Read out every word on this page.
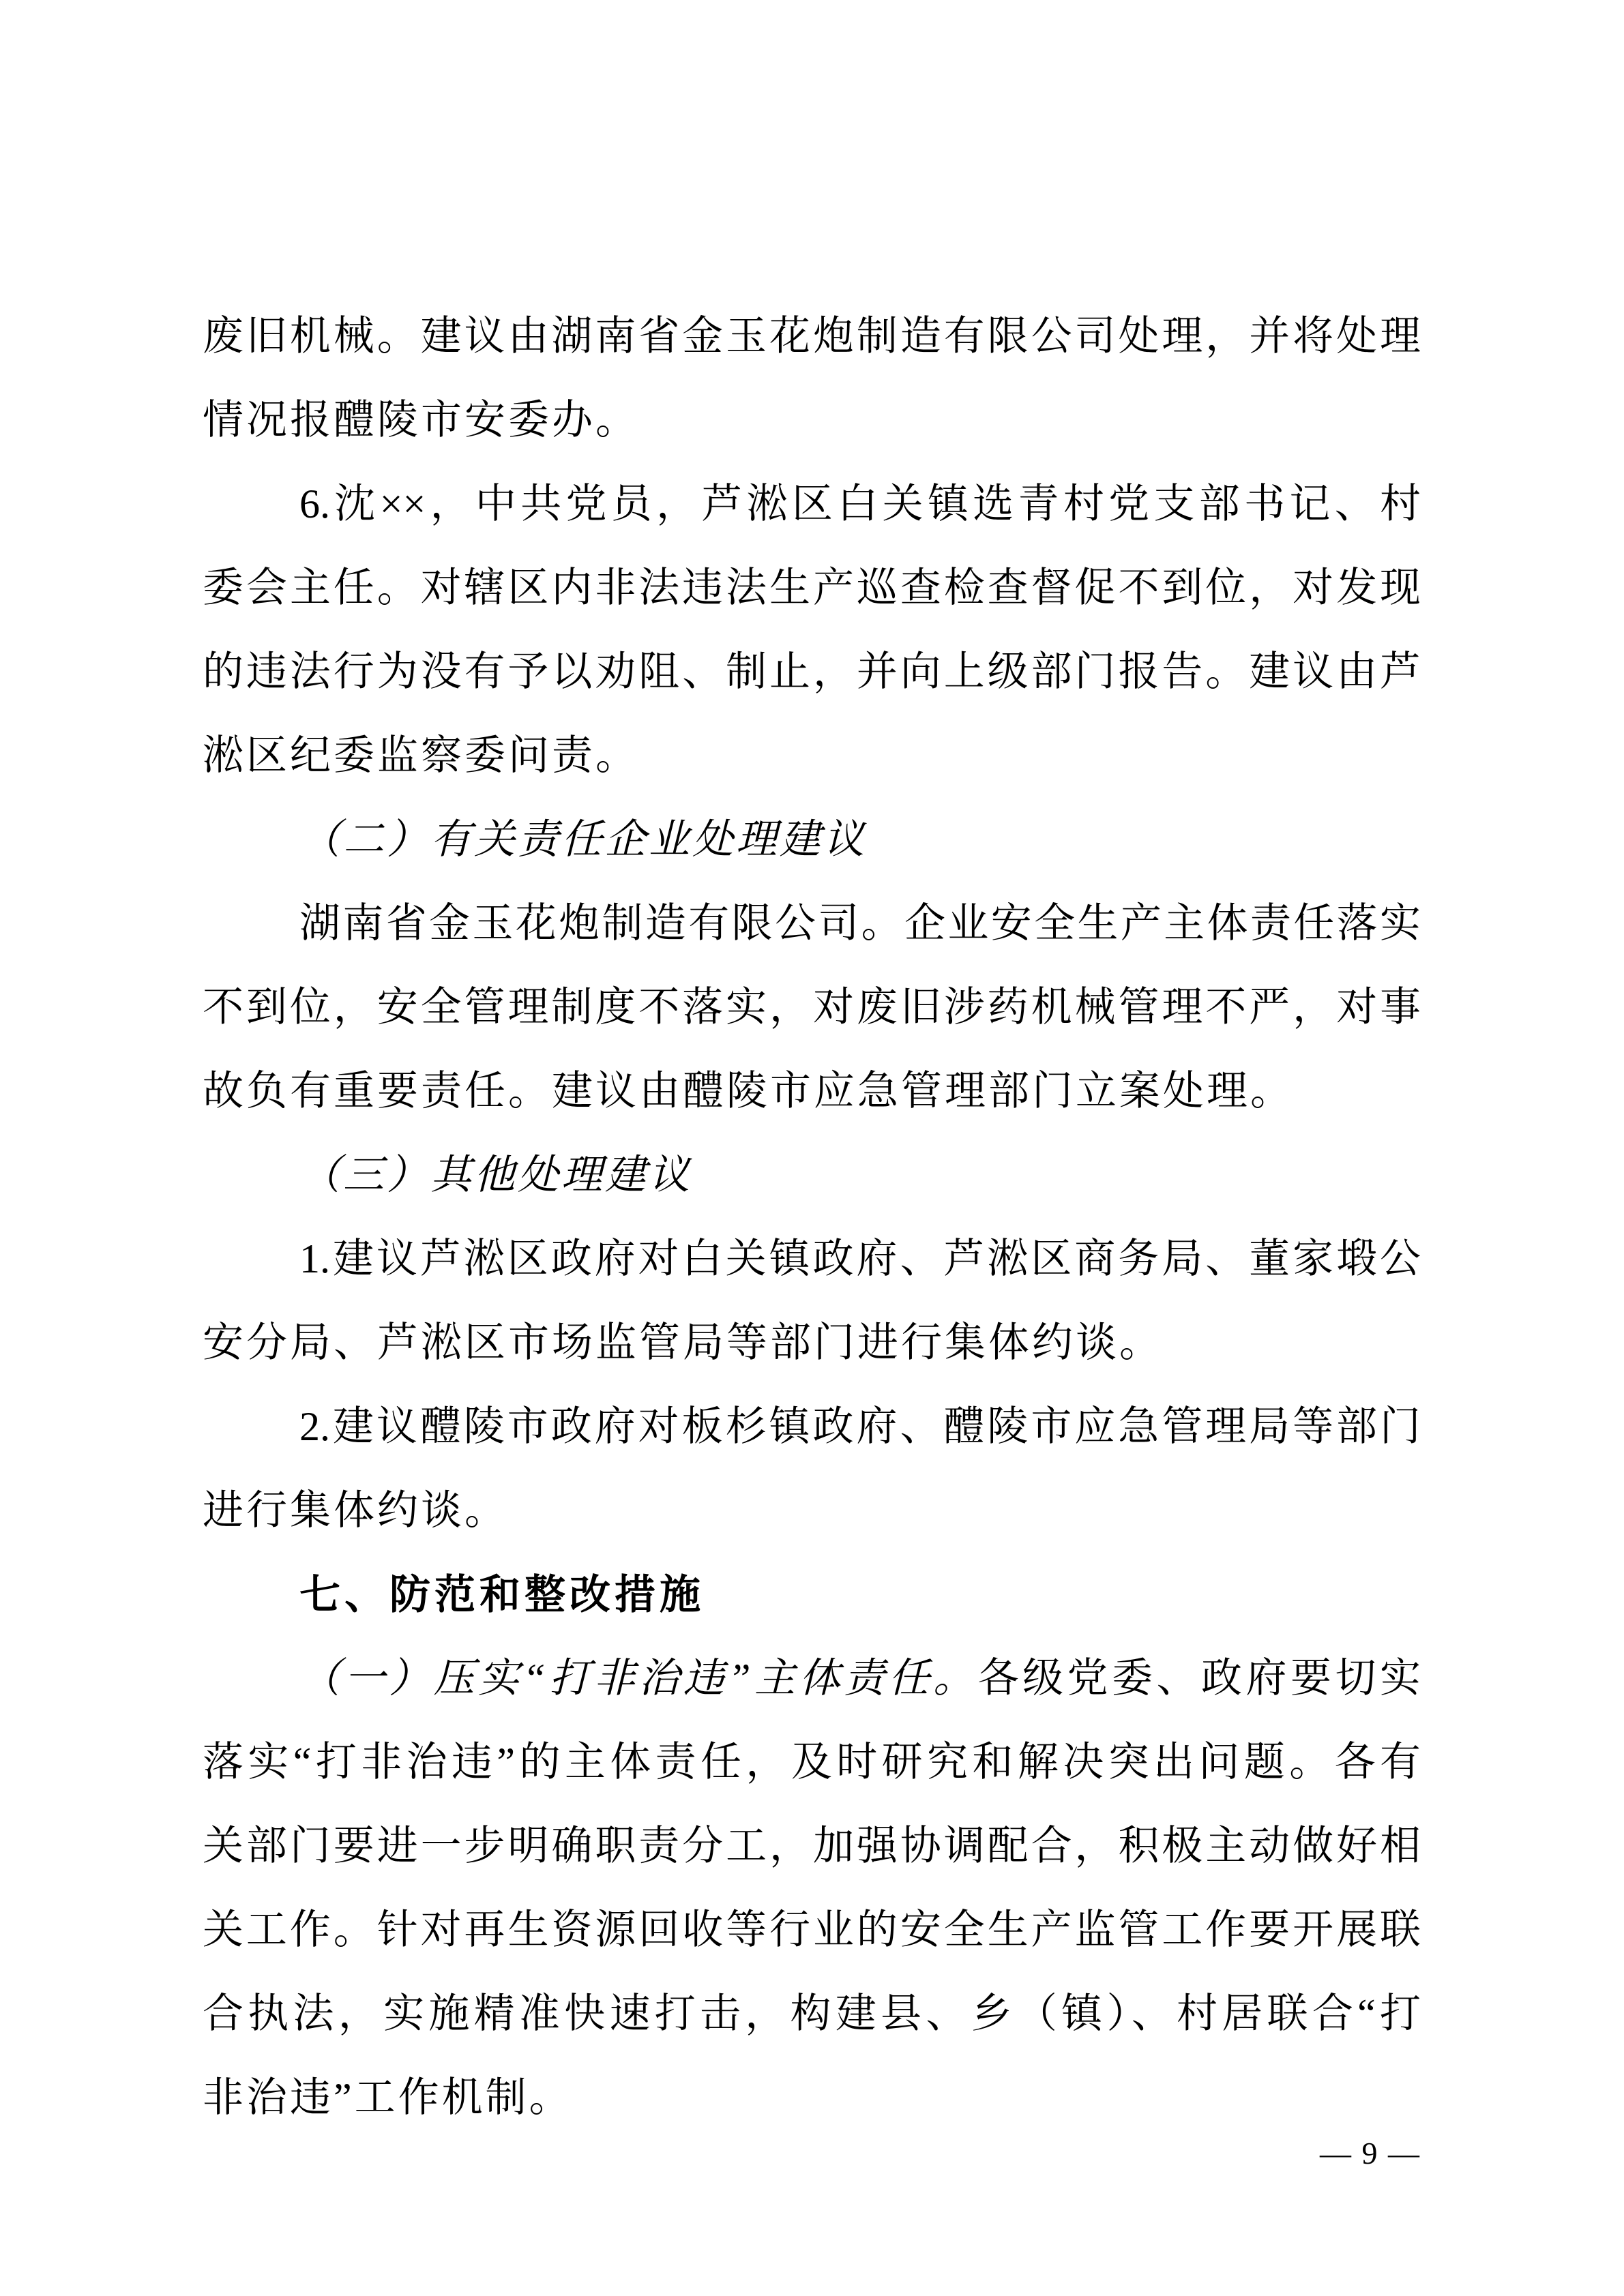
废旧机械。建议由湖南省金玉花炮制造有限公司处理，并将处理
情况报醴陵市安委办。
6.沈××，中共党员，芦淞区白关镇选青村党支部书记、村
委会主任。对辖区内非法违法生产巡查检查督促不到位，对发现
的违法行为没有予以劝阻、制止，并向上级部门报告。建议由芦
淞区纪委监察委问责。
（二）有关责任企业处理建议
湖南省金玉花炮制造有限公司。企业安全生产主体责任落实
不到位，安全管理制度不落实，对废旧涉药机械管理不严，对事
故负有重要责任。建议由醴陵市应急管理部门立案处理。
（三）其他处理建议
1.建议芦淞区政府对白关镇政府、芦淞区商务局、董家塅公
安分局、芦淞区市场监管局等部门进行集体约谈。
2.建议醴陵市政府对板杉镇政府、醴陵市应急管理局等部门
进行集体约谈。
七、防范和整改措施
（一）压实“打非治违”主体责任。各级党委、政府要切实
落实“打非治违”的主体责任，及时研究和解决突出问题。各有
关部门要进一步明确职责分工，加强协调配合，积极主动做好相
关工作。针对再生资源回收等行业的安全生产监管工作要开展联
合执法，实施精准快速打击，构建县、乡（镇）、村居联合“打
非治违”工作机制。
— 9 —
